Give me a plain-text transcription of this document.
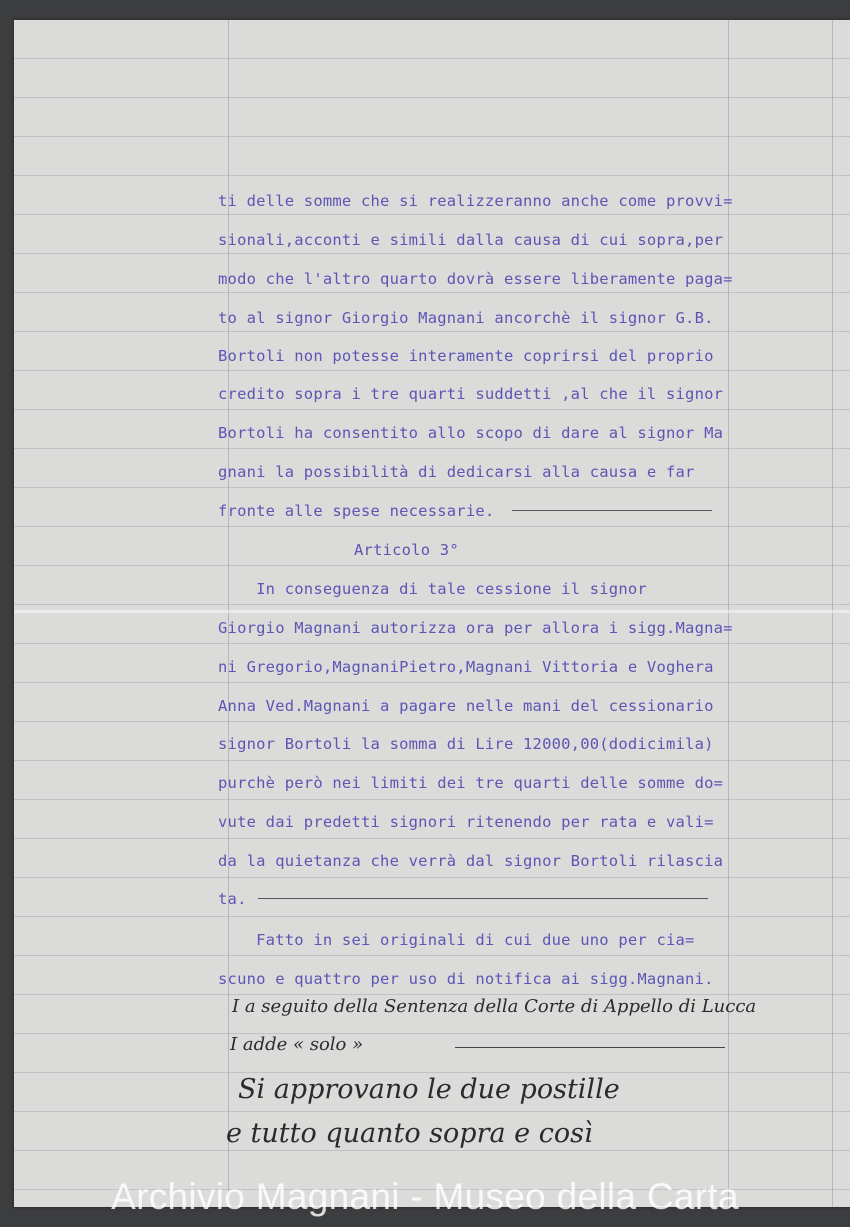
ti delle somme che si realizzeranno anche come provvi=
sionali,acconti e simili dalla causa di cui sopra,per
modo che l'altro quarto dovrà essere liberamente paga=
to al signor Giorgio Magnani ancorchè il signor G.B.
Bortoli non potesse interamente coprirsi del proprio
credito sopra i tre quarti suddetti ,al che il signor
Bortoli ha consentito allo scopo di dare al signor Ma
gnani la possibilità di dedicarsi alla causa e far
fronte alle spese necessarie.
Articolo 3°
In conseguenza di tale cessione il signor
Giorgio Magnani autorizza ora per allora i sigg.Magna=
ni Gregorio,MagnaniPietro,Magnani Vittoria e Voghera
Anna Ved.Magnani a pagare nelle mani del cessionario
signor Bortoli la somma di Lire 12000,00(dodicimila)
purchè però nei limiti dei tre quarti delle somme do=
vute dai predetti signori ritenendo per rata e vali=
da la quietanza che verrà dal signor Bortoli rilascia
ta.
Fatto in sei originali di cui due uno per cia=
scuno e quattro per uso di notifica ai sigg.Magnani.
I a seguito della Sentenza della Corte di Appello di Lucca
I adde « solo »
Si approvano le due postille
e tutto quanto sopra e così
Archivio Magnani - Museo della Carta
